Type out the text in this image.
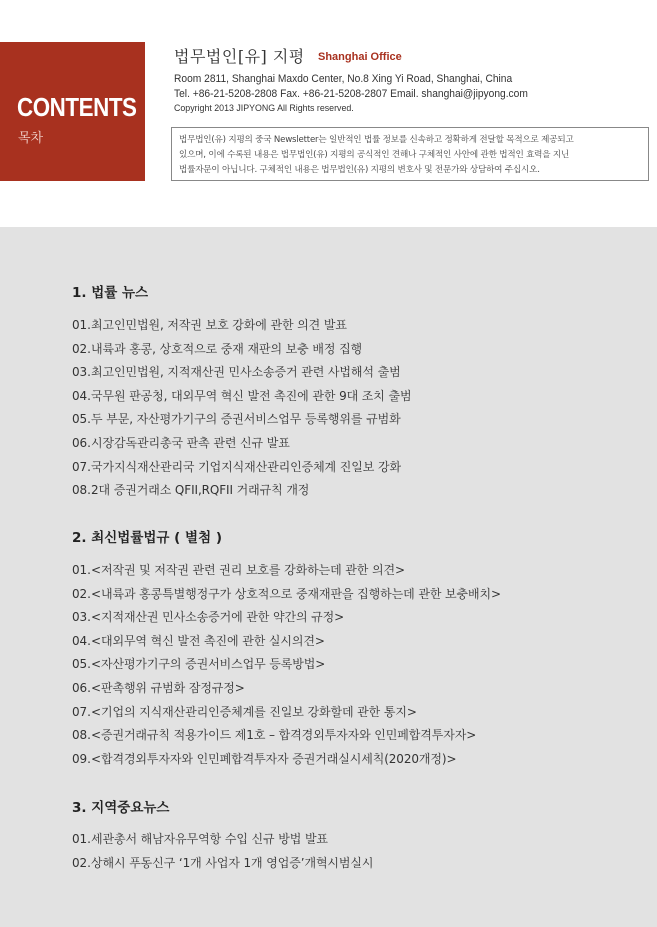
CONTENTS
목차
법무법인[유] 지평 Shanghai Office
Room 2811, Shanghai Maxdo Center, No.8 Xing Yi Road, Shanghai, China
Tel. +86-21-5208-2808 Fax. +86-21-5208-2807 Email. shanghai@jipyong.com
Copyright 2013 JIPYONG All Rights reserved.
법무법인(유) 지평의 중국 Newsletter는 일반적인 법률 정보를 신속하고 정확하게 전달할 목적으로 제공되고
있으며, 이에 수록된 내용은 법무법인(유) 지평의 공식적인 견해나 구체적인 사안에 관한 법적인 효력을 지닌
법률자문이 아닙니다. 구체적인 내용은 법무법인(유) 지평의 변호사 및 전문가와 상담하여 주십시오.
1. 법률 뉴스
01.최고인민법원, 저작권 보호 강화에 관한 의견 발표
02.내륙과 홍콩, 상호적으로 중재 재판의 보충 배정 집행
03.최고인민법원, 지적재산권 민사소송증거 관련 사법해석 출범
04.국무원 판공청, 대외무역 혁신 발전 촉진에 관한 9대 조치 출범
05.두 부문, 자산평가기구의 증권서비스업무 등록행위를 규범화
06.시장감독관리총국 판촉 관련 신규 발표
07.국가지식재산관리국 기업지식재산관리인증체계 진일보 강화
08.2대 증권거래소 QFII,RQFII 거래규칙 개정
2. 최신법률법규 ( 별첨 )
01.<저작권 및 저작권 관련 권리 보호를 강화하는데 관한 의견>
02.<내륙과 홍콩특별행정구가 상호적으로 중재재판을 집행하는데 관한 보충배치>
03.<지적재산권 민사소송증거에 관한 약간의 규정>
04.<대외무역 혁신 발전 촉진에 관한 실시의견>
05.<자산평가기구의 증권서비스업무 등록방법>
06.<판촉행위 규범화 잠정규정>
07.<기업의 지식재산관리인증체계를 진일보 강화할데 관한 통지>
08.<증권거래규칙 적용가이드 제1호 – 합격경외투자자와 인민페합격투자자>
09.<합격경외투자자와 인민폐합격투자자 증권거래실시세칙(2020개정)>
3. 지역중요뉴스
01.세관총서 해남자유무역항 수입 신규 방법 발표
02.상해시 푸동신구 ‘1개 사업자 1개 영업증’개혁시범실시
